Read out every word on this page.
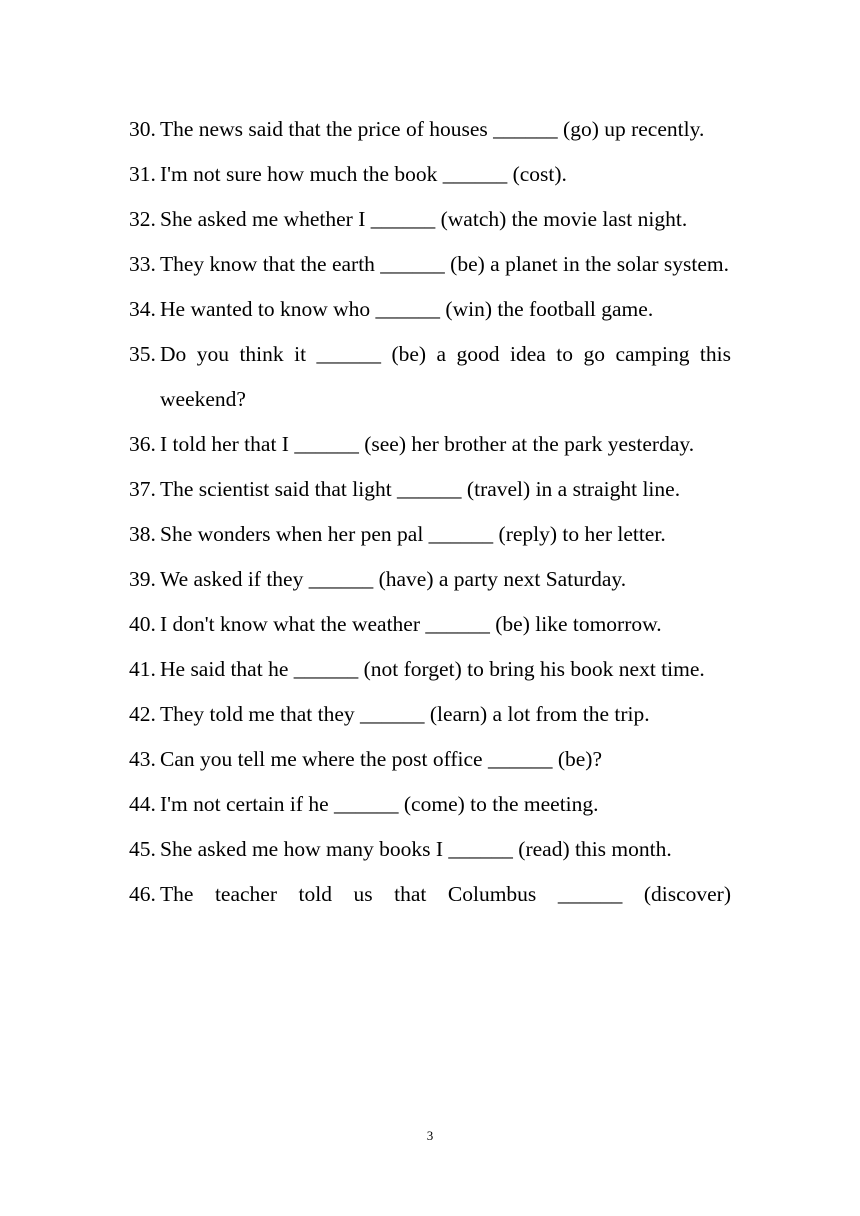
30. The news said that the price of houses ______ (go) up recently.
31. I'm not sure how much the book ______ (cost).
32. She asked me whether I ______ (watch) the movie last night.
33. They know that the earth ______ (be) a planet in the solar system.
34. He wanted to know who ______ (win) the football game.
35. Do you think it ______ (be) a good idea to go camping this weekend?
36. I told her that I ______ (see) her brother at the park yesterday.
37. The scientist said that light ______ (travel) in a straight line.
38. She wonders when her pen pal ______ (reply) to her letter.
39. We asked if they ______ (have) a party next Saturday.
40. I don't know what the weather ______ (be) like tomorrow.
41. He said that he ______ (not forget) to bring his book next time.
42. They told me that they ______ (learn) a lot from the trip.
43. Can you tell me where the post office ______ (be)?
44. I'm not certain if he ______ (come) to the meeting.
45. She asked me how many books I ______ (read) this month.
46. The teacher told us that Columbus ______ (discover)
3
